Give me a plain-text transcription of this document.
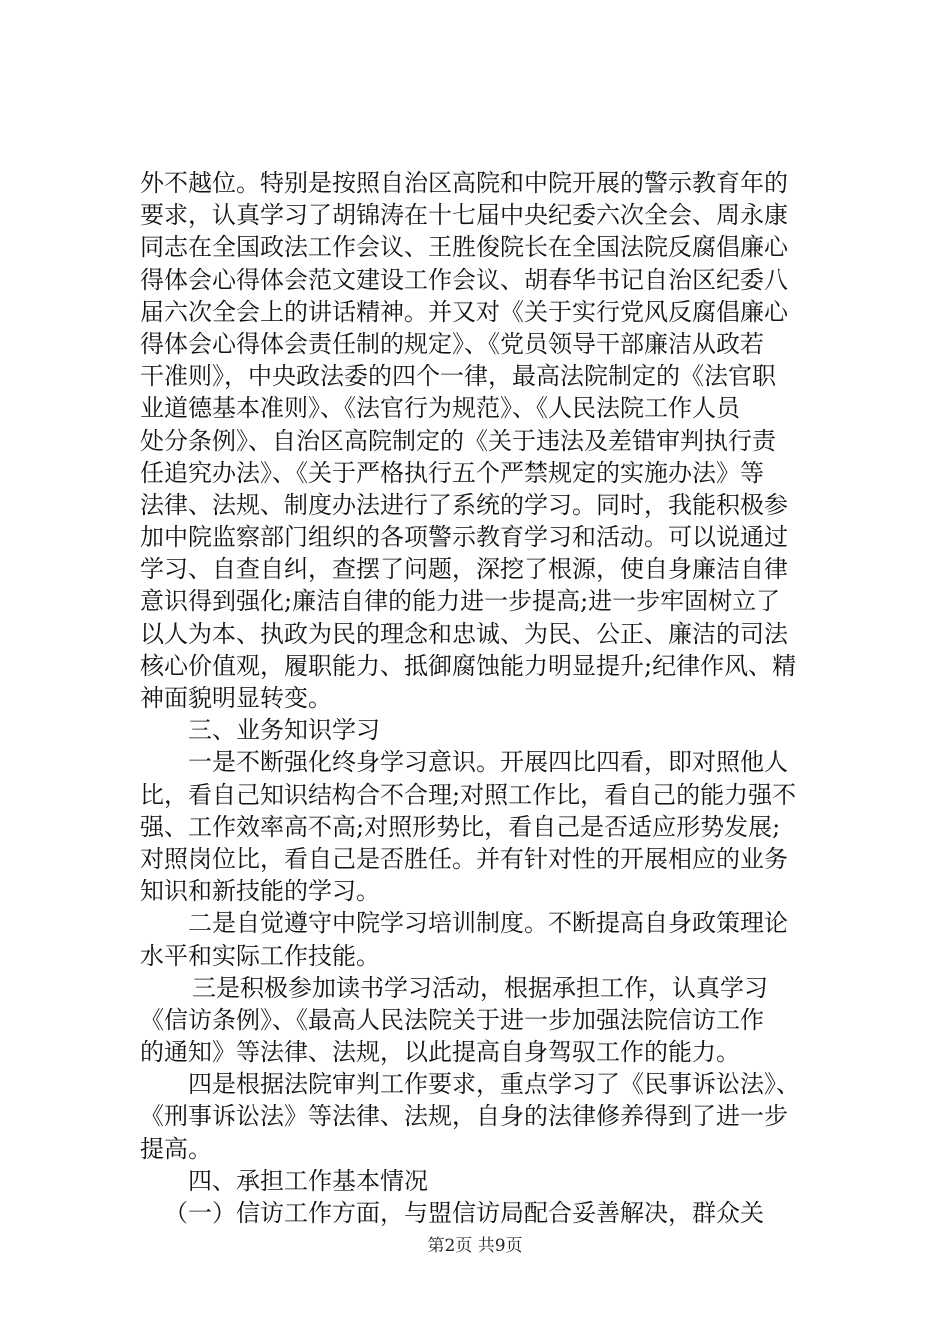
外不越位。特别是按照自治区高院和中院开展的警示教育年的
要求，认真学习了胡锦涛在十七届中央纪委六次全会、周永康
同志在全国政法工作会议、王胜俊院长在全国法院反腐倡廉心
得体会心得体会范文建设工作会议、胡春华书记自治区纪委八
届六次全会上的讲话精神。并又对《关于实行党风反腐倡廉心
得体会心得体会责任制的规定》、《党员领导干部廉洁从政若
干准则》，中央政法委的四个一律，最高法院制定的《法官职
业道德基本准则》、《法官行为规范》、《人民法院工作人员
处分条例》、自治区高院制定的《关于违法及差错审判执行责
任追究办法》、《关于严格执行五个严禁规定的实施办法》等
法律、法规、制度办法进行了系统的学习。同时，我能积极参
加中院监察部门组织的各项警示教育学习和活动。可以说通过
学习、自查自纠，查摆了问题，深挖了根源，使自身廉洁自律
意识得到强化;廉洁自律的能力进一步提高;进一步牢固树立了
以人为本、执政为民的理念和忠诚、为民、公正、廉洁的司法
核心价值观，履职能力、抵御腐蚀能力明显提升;纪律作风、精
神面貌明显转变。
三、业务知识学习
一是不断强化终身学习意识。开展四比四看，即对照他人
比，看自己知识结构合不合理;对照工作比，看自己的能力强不
强、工作效率高不高;对照形势比，看自己是否适应形势发展;
对照岗位比，看自己是否胜任。并有针对性的开展相应的业务
知识和新技能的学习。
二是自觉遵守中院学习培训制度。不断提高自身政策理论
水平和实际工作技能。
三是积极参加读书学习活动，根据承担工作，认真学习
《信访条例》、《最高人民法院关于进一步加强法院信访工作
的通知》等法律、法规，以此提高自身驾驭工作的能力。
四是根据法院审判工作要求，重点学习了《民事诉讼法》、
《刑事诉讼法》等法律、法规，自身的法律修养得到了进一步
提高。
四、承担工作基本情况
（一）信访工作方面，与盟信访局配合妥善解决，群众关
第2页 共9页
